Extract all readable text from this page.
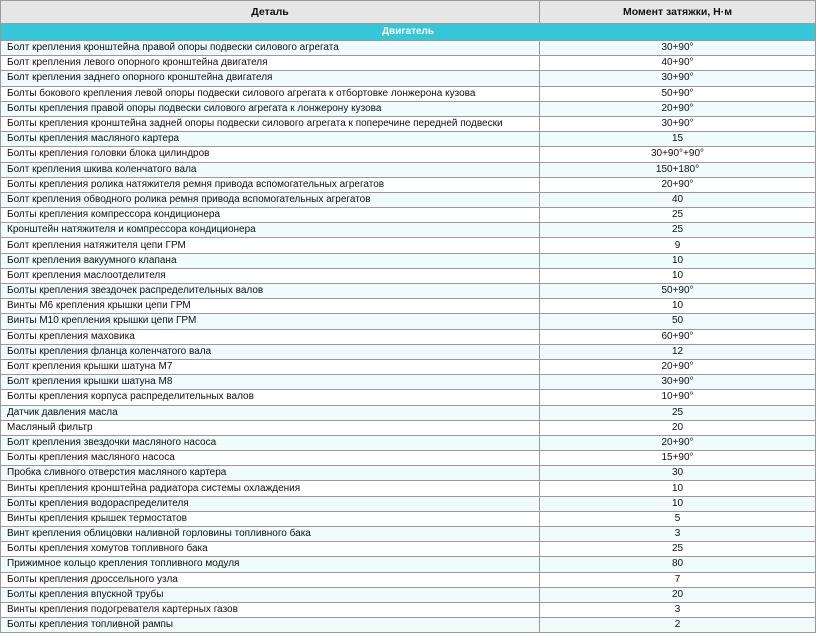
Деталь	Момент затяжки, Н·м
Двигатель	
Болт крепления кронштейна правой опоры подвески силового агрегата	30+90°
Болт крепления левого опорного кронштейна двигателя	40+90°
Болт крепления заднего опорного кронштейна двигателя	30+90°
Болты бокового крепления левой опоры подвески силового агрегата к отбортовке лонжерона кузова	50+90°
Болты крепления правой опоры подвески силового агрегата к лонжерону кузова	20+90°
Болты крепления кронштейна задней опоры подвески силового агрегата к поперечине передней подвески	30+90°
Болты крепления масляного картера	15
Болты крепления головки блока цилиндров	30+90°+90°
Болт крепления шкива коленчатого вала	150+180°
Болты крепления ролика натяжителя ремня привода вспомогательных агрегатов	20+90°
Болт крепления обводного ролика ремня привода вспомогательных агрегатов	40
Болты крепления компрессора кондиционера	25
Кронштейн натяжителя и компрессора кондиционера	25
Болт крепления натяжителя цепи ГРМ	9
Болт крепления вакуумного клапана	10
Болт крепления маслоотделителя	10
Болты крепления звездочек распределительных валов	50+90°
Винты М6 крепления крышки цепи ГРМ	10
Винты М10 крепления крышки цепи ГРМ	50
Болты крепления маховика	60+90°
Болты крепления фланца коленчатого вала	12
Болт крепления крышки шатуна М7	20+90°
Болт крепления крышки шатуна М8	30+90°
Болты крепления корпуса распределительных валов	10+90°
Датчик давления масла	25
Масляный фильтр	20
Болт крепления звездочки масляного насоса	20+90°
Болты крепления масляного насоса	15+90°
Пробка сливного отверстия масляного картера	30
Винты крепления кронштейна радиатора системы охлаждения	10
Болты крепления водораспределителя	10
Винты крепления крышек термостатов	5
Винт крепления облицовки наливной горловины топливного бака	3
Болты крепления хомутов топливного бака	25
Прижимное кольцо крепления топливного модуля	80
Болты крепления дроссельного узла	7
Болты крепления впускной трубы	20
Винты крепления подогревателя картерных газов	3
Болты крепления топливной рампы	2
